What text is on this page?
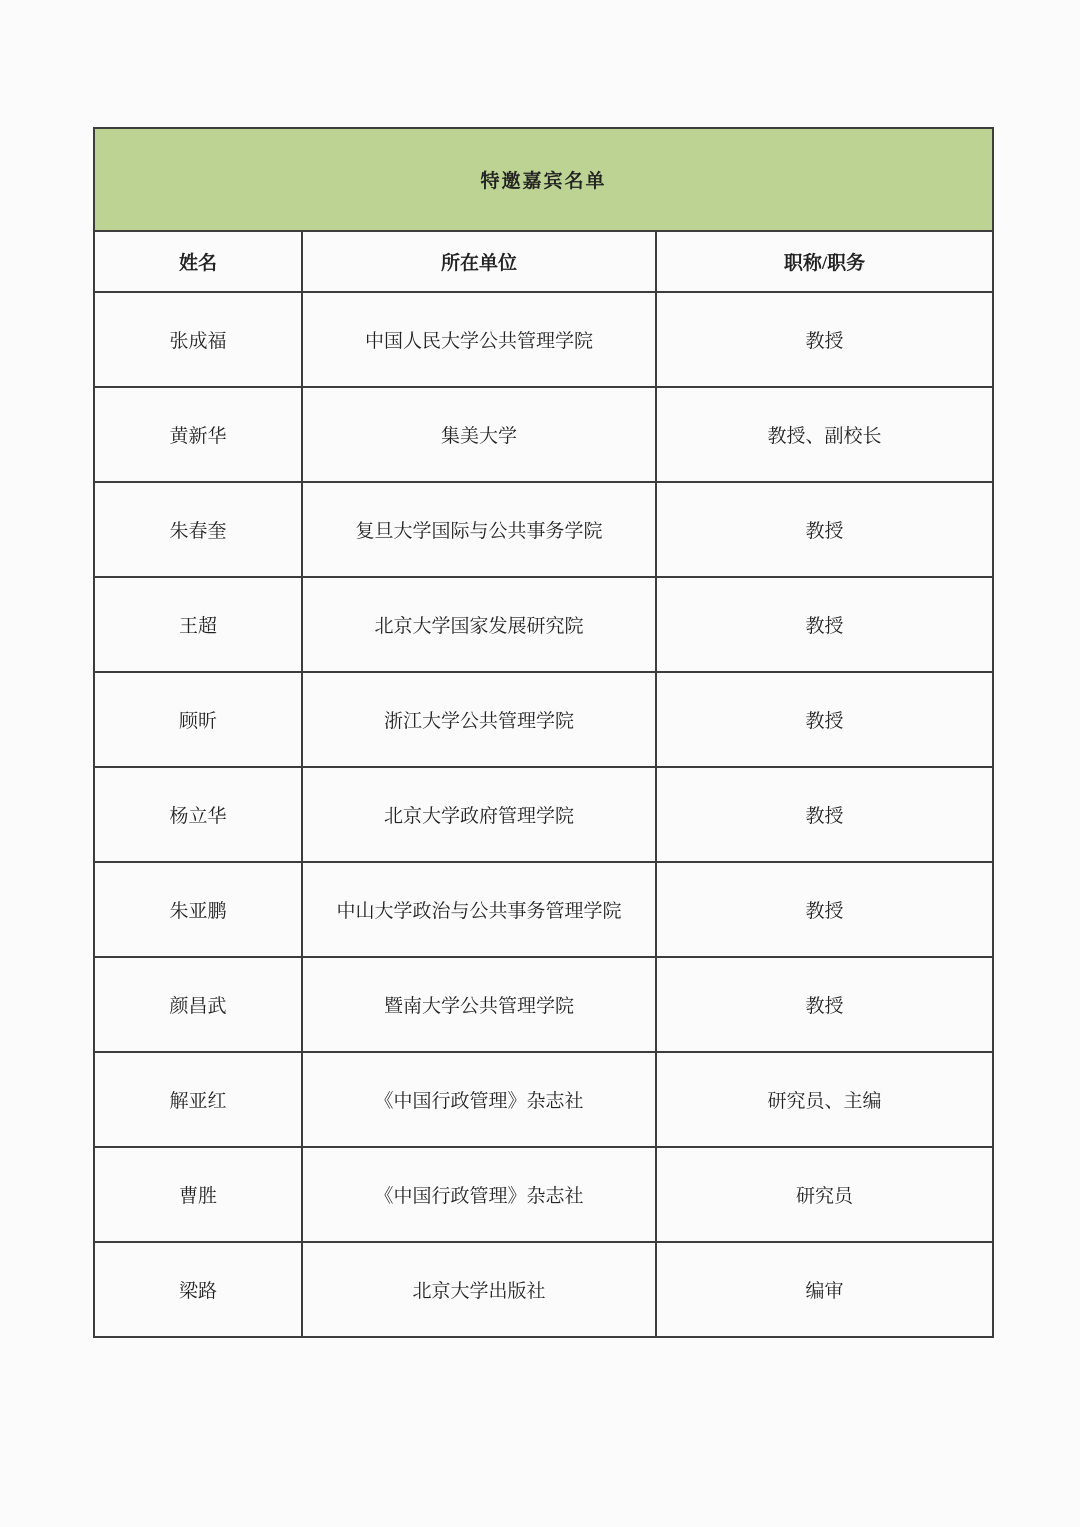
特邀嘉宾名单		
姓名	所在单位	职称/职务
张成福	中国人民大学公共管理学院	教授
黄新华	集美大学	教授、副校长
朱春奎	复旦大学国际与公共事务学院	教授
王超	北京大学国家发展研究院	教授
顾昕	浙江大学公共管理学院	教授
杨立华	北京大学政府管理学院	教授
朱亚鹏	中山大学政治与公共事务管理学院	教授
颜昌武	暨南大学公共管理学院	教授
解亚红	《中国行政管理》杂志社	研究员、主编
曹胜	《中国行政管理》杂志社	研究员
梁路	北京大学出版社	编审
